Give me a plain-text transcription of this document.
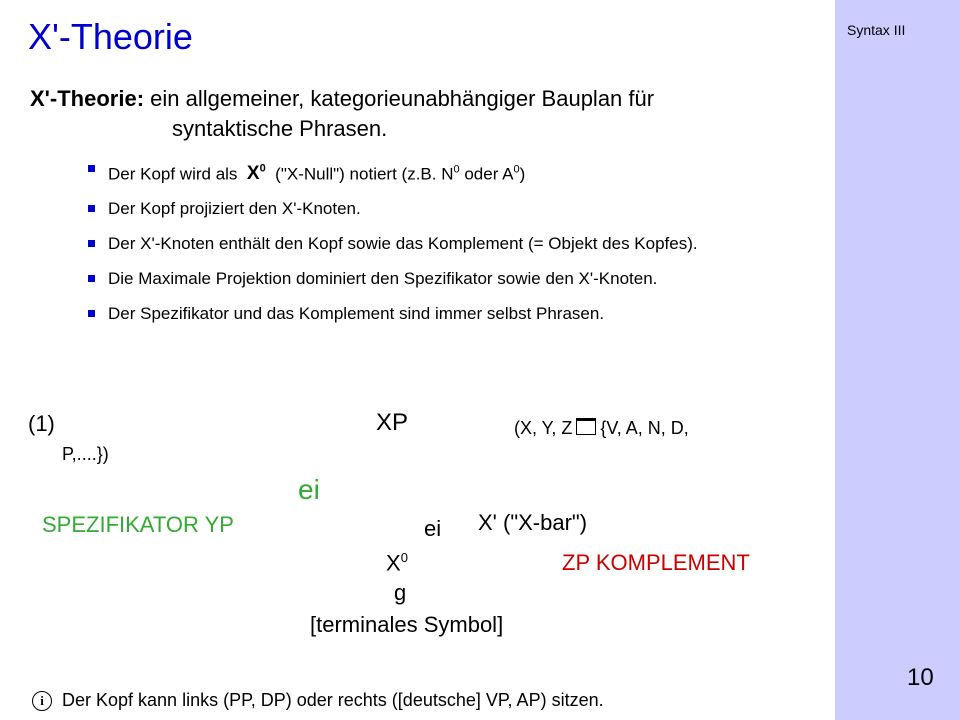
Syntax III
10
X'-Theorie
X'-Theorie: ein allgemeiner, kategorieunabhängiger Bauplan für
syntaktische Phrasen.
Der Kopf wird als $X^0$ ("X-Null") notiert (z.B. $N^0$ oder $A^0$)
Der Kopf projiziert den X'-Knoten.
Der X'-Knoten enthält den Kopf sowie das Komplement (= Objekt des Kopfes).
Die Maximale Projektion dominiert den Spezifikator sowie den X'-Knoten.
Der Spezifikator und das Komplement sind immer selbst Phrasen.
(1)	XP	(X, Y, Z {V, A, N, D,
P,....})
ei
SPEZIFIKATOR YP	ei X' ("X-bar")
$X^0$	ZP KOMPLEMENT
g
[terminales Symbol]
i Der Kopf kann links (PP, DP) oder rechts ([deutsche] VP, AP) sitzen.
